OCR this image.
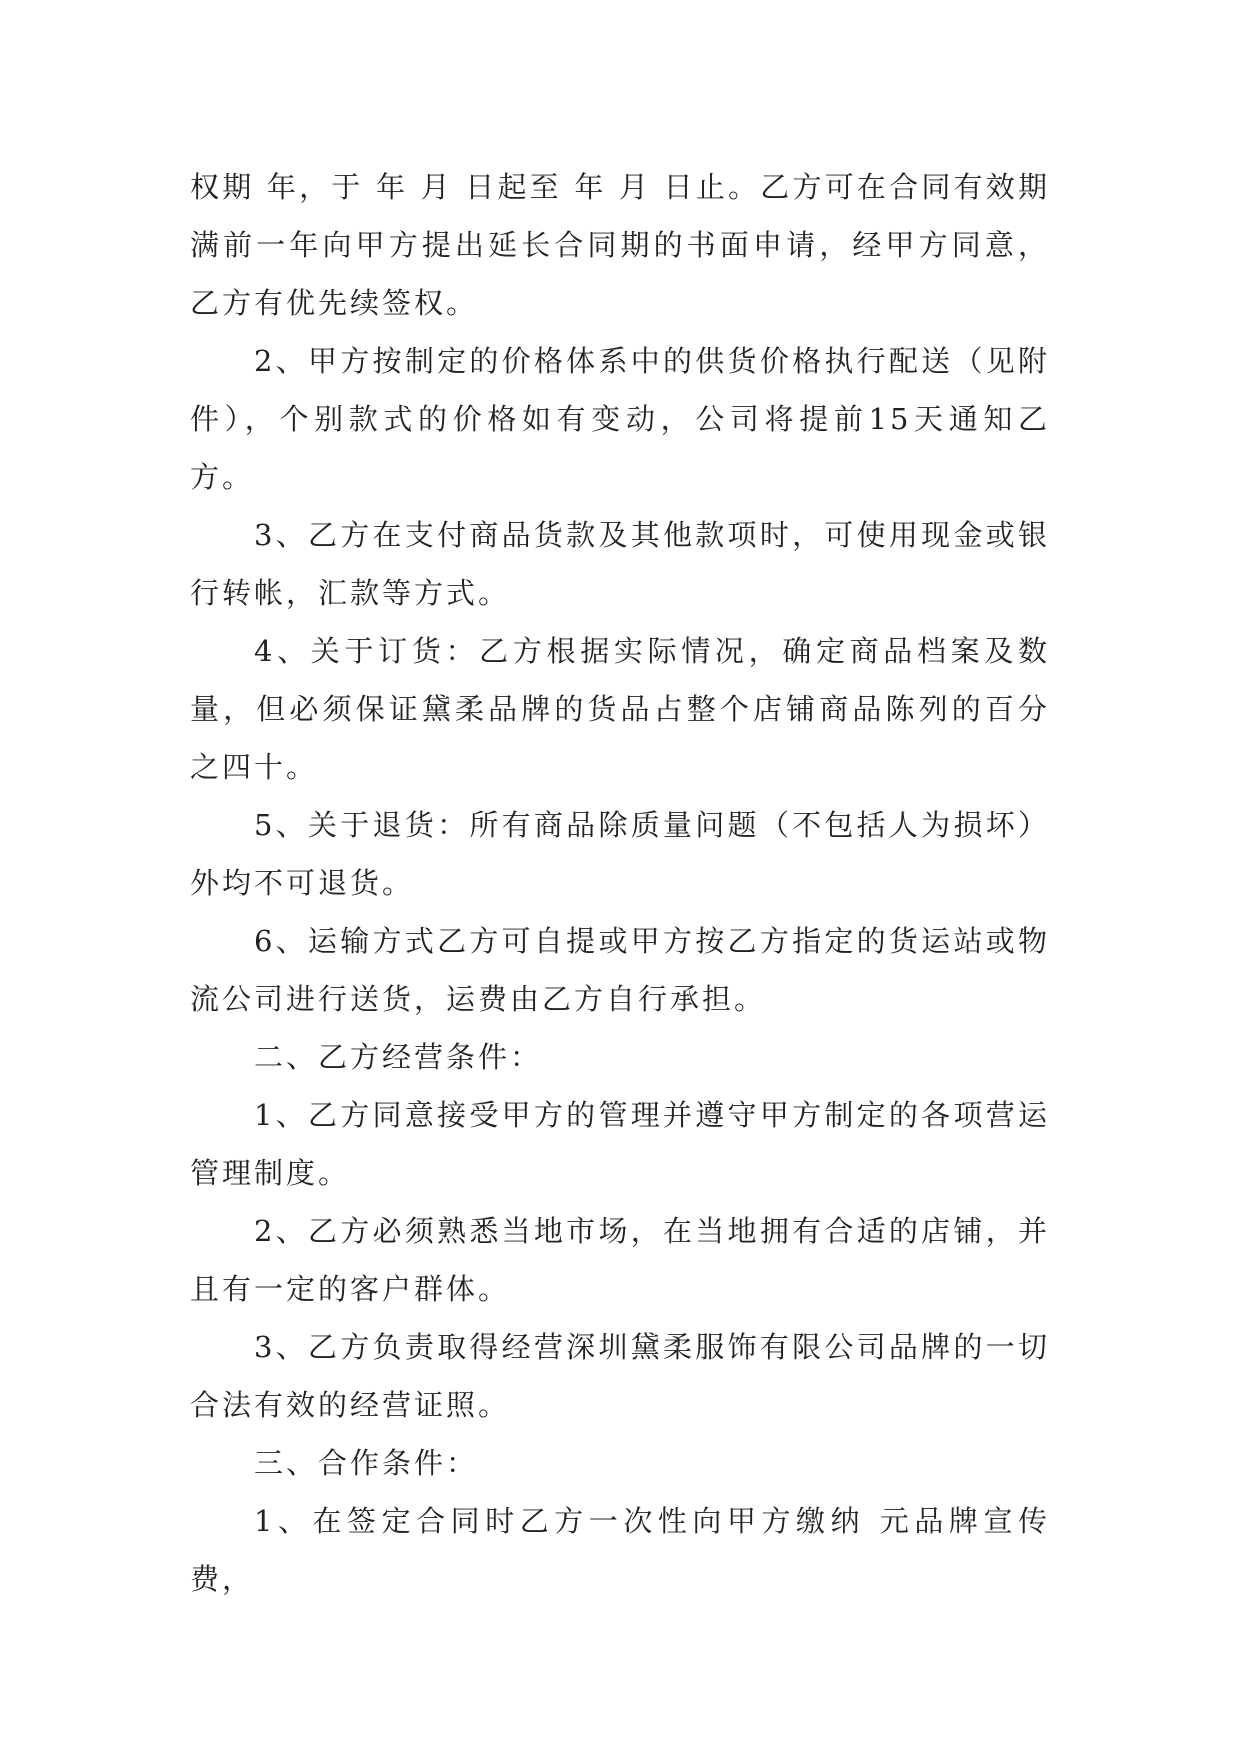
权期 年，于 年 月 日起至 年 月 日止。乙方可在合同有效期满前一年向甲方提出延长合同期的书面申请，经甲方同意，乙方有优先续签权。

2、甲方按制定的价格体系中的供货价格执行配送（见附件），个别款式的价格如有变动，公司将提前15天通知乙方。

3、乙方在支付商品货款及其他款项时，可使用现金或银行转帐，汇款等方式。

4、关于订货：乙方根据实际情况，确定商品档案及数量，但必须保证黛柔品牌的货品占整个店铺商品陈列的百分之四十。

5、关于退货：所有商品除质量问题（不包括人为损坏）外均不可退货。

6、运输方式乙方可自提或甲方按乙方指定的货运站或物流公司进行送货，运费由乙方自行承担。

二、乙方经营条件：

1、乙方同意接受甲方的管理并遵守甲方制定的各项营运管理制度。

2、乙方必须熟悉当地市场，在当地拥有合适的店铺，并且有一定的客户群体。

3、乙方负责取得经营深圳黛柔服饰有限公司品牌的一切合法有效的经营证照。

三、合作条件：

1、在签定合同时乙方一次性向甲方缴纳 元品牌宣传费，
